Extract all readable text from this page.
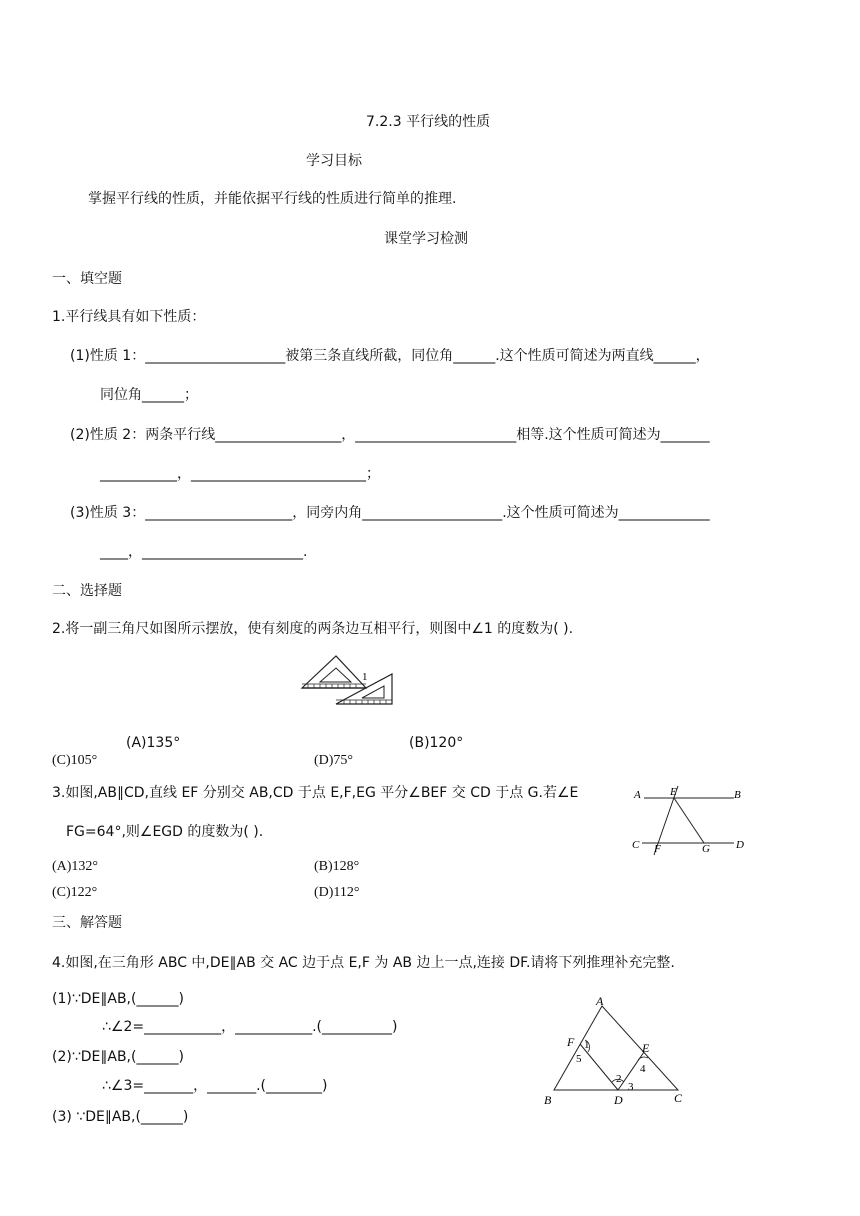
7.2.3 平行线的性质
学习目标
掌握平行线的性质，并能依据平行线的性质进行简单的推理.
课堂学习检测
一、填空题
1.平行线具有如下性质：
(1)性质 1：____________________被第三条直线所截，同位角______.这个性质可简述为两直线______，
同位角______；
(2)性质 2：两条平行线__________________，_______________________相等.这个性质可简述为_______
___________，_________________________；
(3)性质 3：_____________________，同旁内角____________________.这个性质可简述为_____________
____，_______________________.
二、选择题
2.将一副三角尺如图所示摆放，使有刻度的两条边互相平行，则图中∠1 的度数为( ).
1
(A)135°	(B)120°
(C)105°	(D)75°
3.如图,AB∥CD,直线 EF 分别交 AB,CD 于点 E,F,EG 平分∠BEF 交 CD 于点 G.若∠E
FG=64°,则∠EGD 的度数为( ).
A	E	B
C F	G D
(A)132°	(B)128°
(C)122°	(D)112°
三、解答题
4.如图,在三角形 ABC 中,DE∥AB 交 AC 边于点 E,F 为 AB 边上一点,连接 DF.请将下列推理补充完整.
(1)∵DE∥AB,(______)
∴∠2=___________，___________.(__________)
(2)∵DE∥AB,(______)
∴∠3=_______，_______.(________)
(3) ∵DE∥AB,(______)
A
F 1
5
E
4
2
3
B	D	C
